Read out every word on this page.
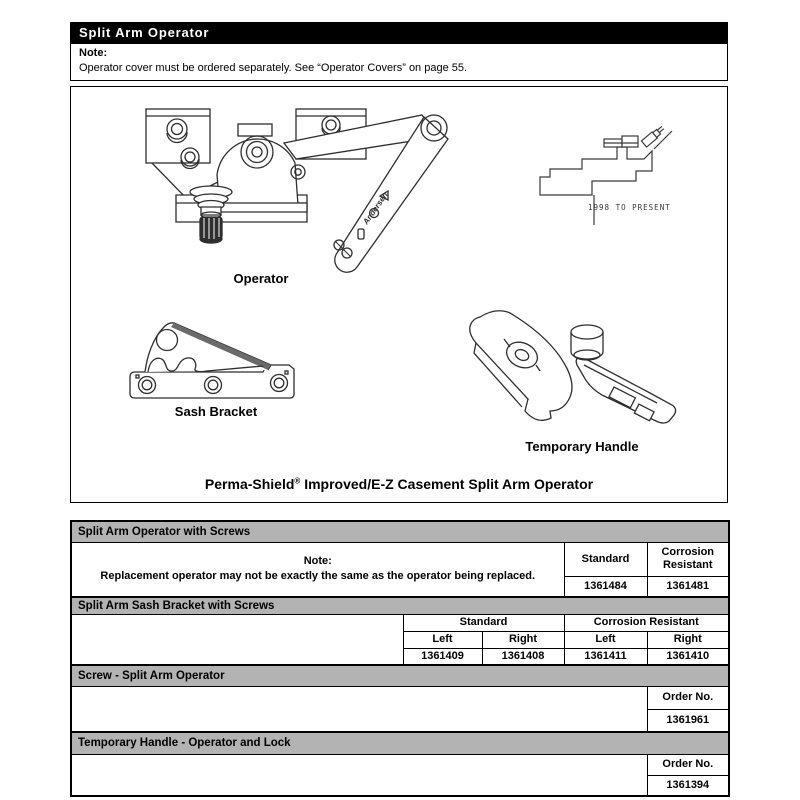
Split Arm Operator
Note:
Operator cover must be ordered separately. See “Operator Covers” on page 55.
Andersen
Operator
1998 TO PRESENT
Sash Bracket
Temporary Handle
Perma-Shield® Improved/E-Z Casement Split Arm Operator
Split Arm Operator with Screws				

Note:
Replacement operator may not be exactly the same as the operator being replaced.			Standard	Corrosion Resistant
			1361484	1361481
Split Arm Sash Bracket with Screws				
	Standard		Corrosion Resistant	
	Left	Right	Left	Right
	1361409	1361408	1361411	1361410
Screw - Split Arm Operator				
				Order No.
				1361961
Temporary Handle - Operator and Lock				
				Order No.
				1361394
